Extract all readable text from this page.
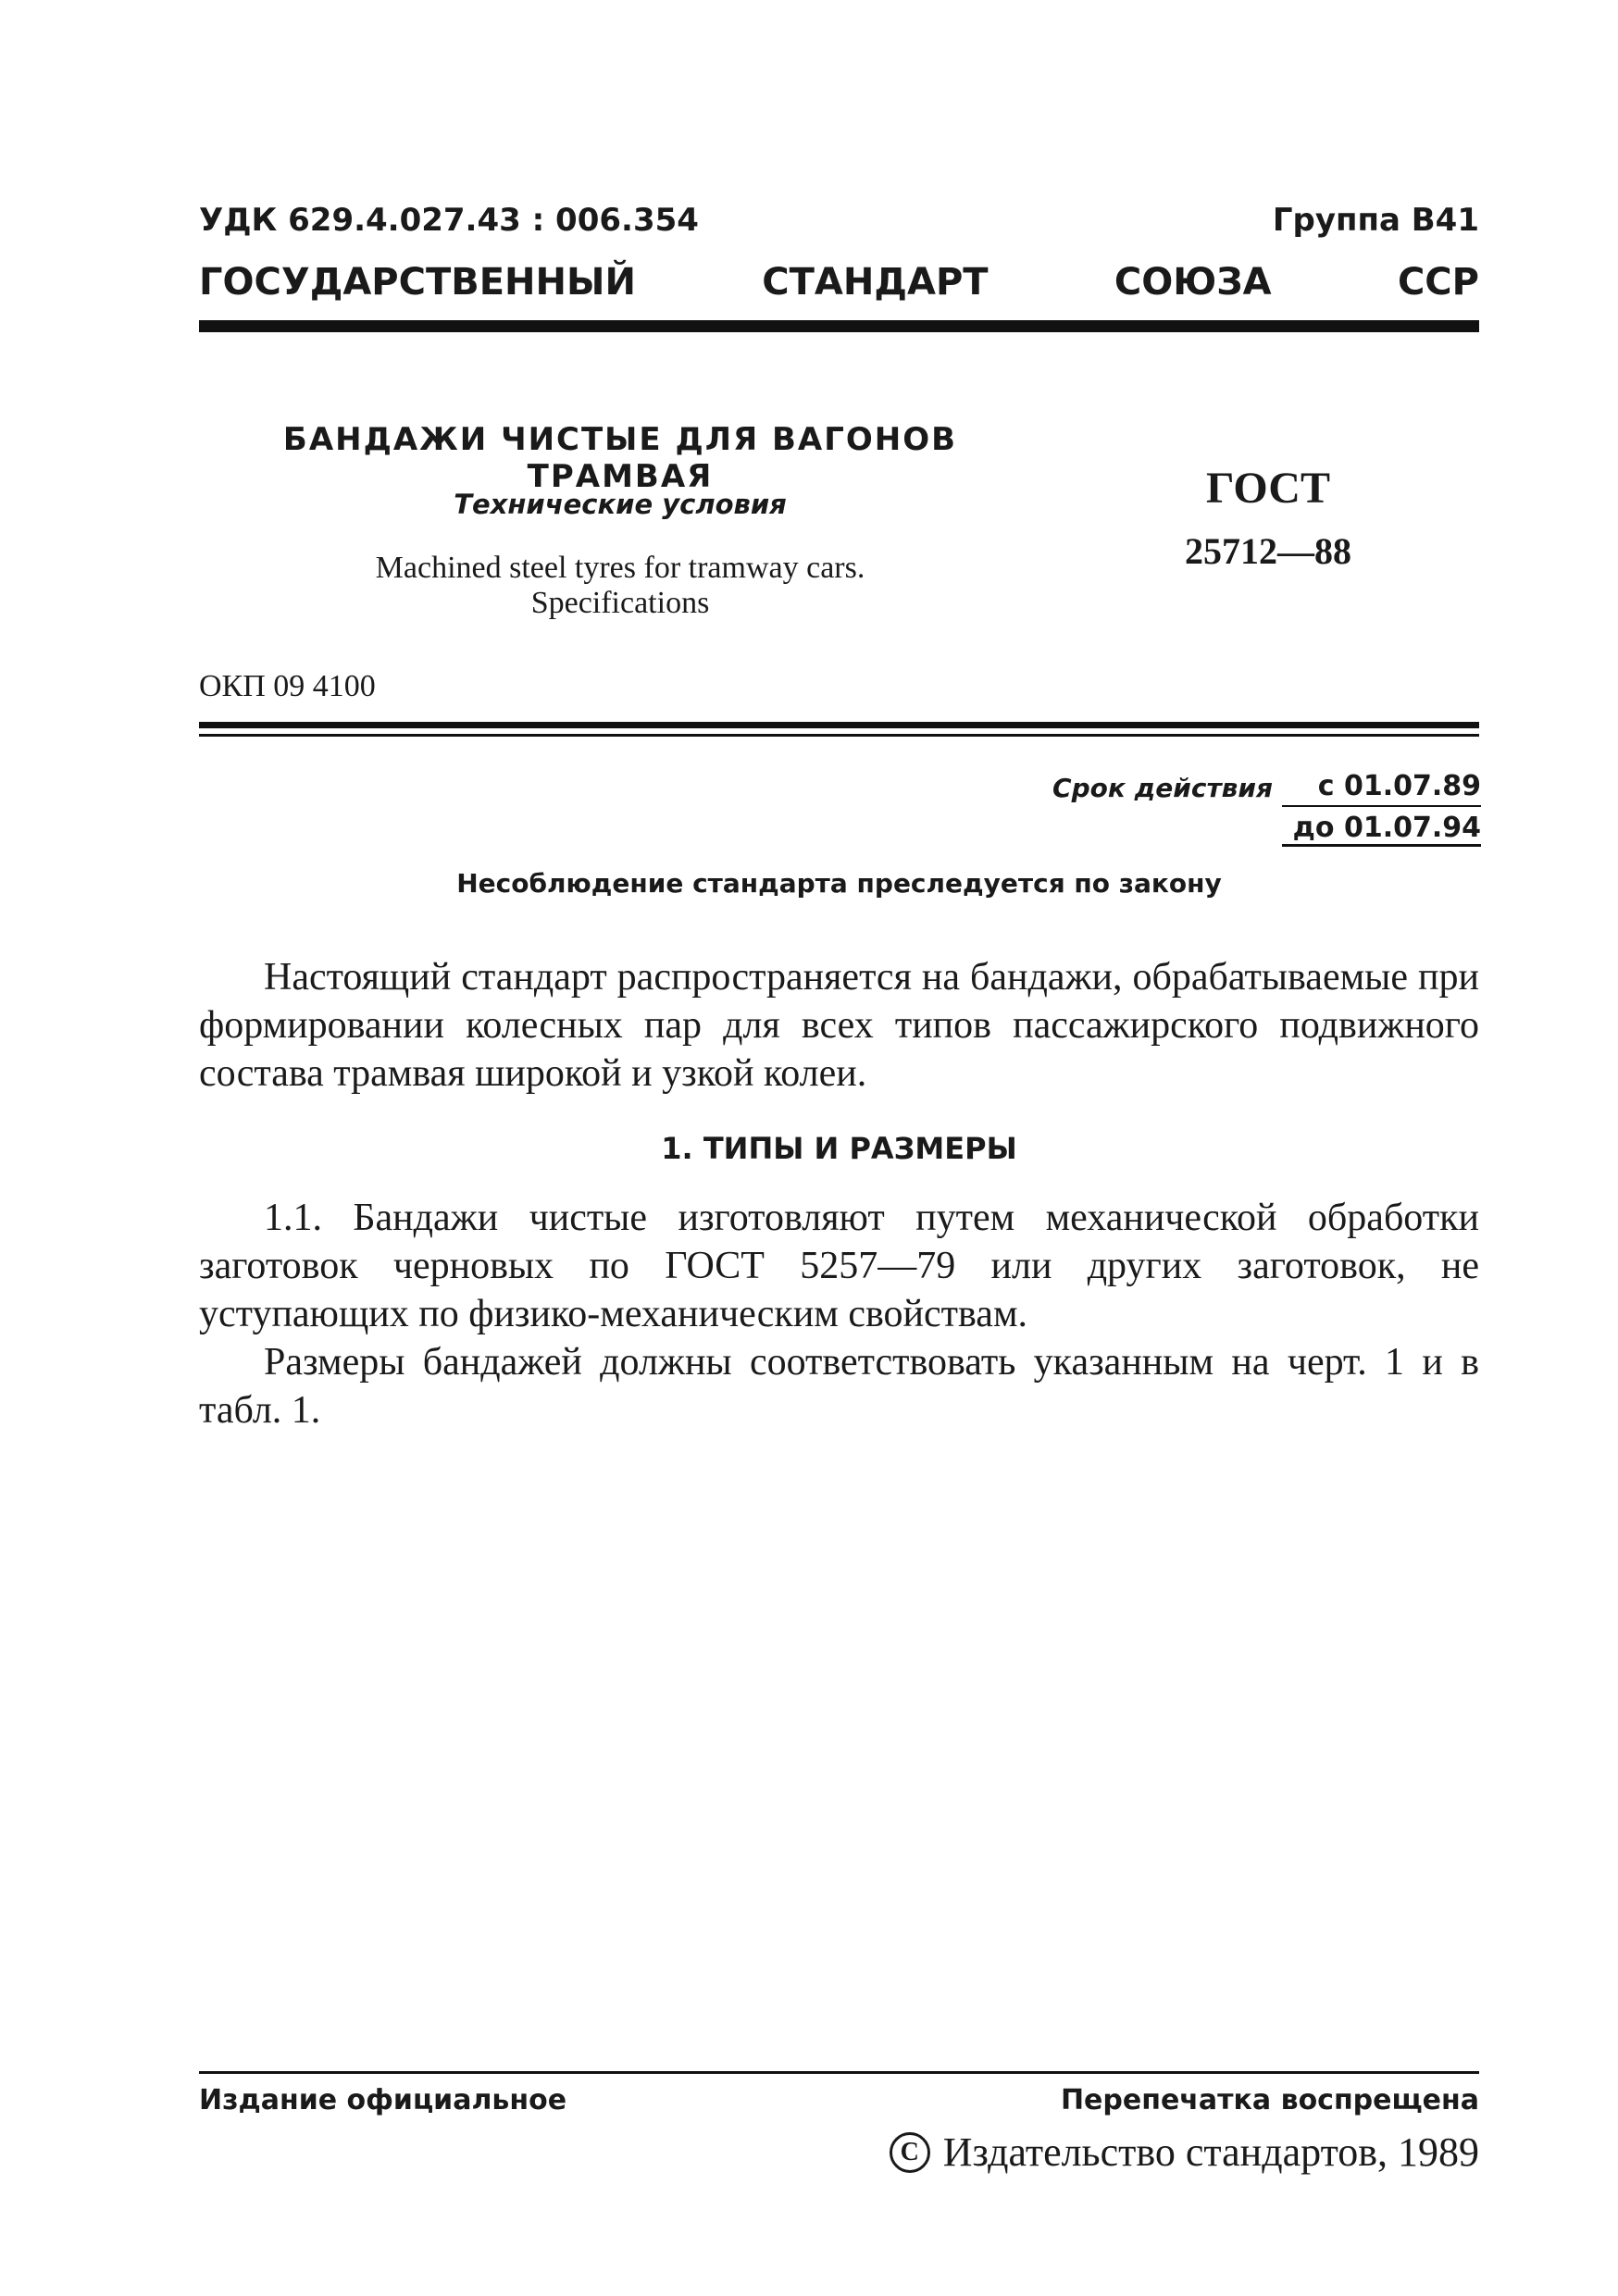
УДК 629.4.027.43 : 006.354	Группа В41
ГОСУДАРСТВЕННЫЙ	СТАНДАРТ	СОЮЗА	ССР
БАНДАЖИ ЧИСТЫЕ ДЛЯ ВАГОНОВ ТРАМВАЯ
Технические условия
Machined steel tyres for tramway cars.
Specifications
ГОСТ
25712—88
ОКП 09 4100
Срок действия	с 01.07.89
до 01.07.94
Несоблюдение стандарта преследуется по закону
Настоящий стандарт распространяется на бандажи, обрабатываемые при формировании колесных пар для всех типов пассажирского подвижного состава трамвая широкой и узкой колеи.
1. ТИПЫ И РАЗМЕРЫ
1.1. Бандажи чистые изготовляют путем механической обработки заготовок черновых по ГОСТ 5257—79 или других заготовок, не уступающих по физико-механическим свойствам.
Размеры бандажей должны соответствовать указанным на черт. 1 и в табл. 1.
Издание официальное	Перепечатка воспрещена
C Издательство стандартов, 1989
